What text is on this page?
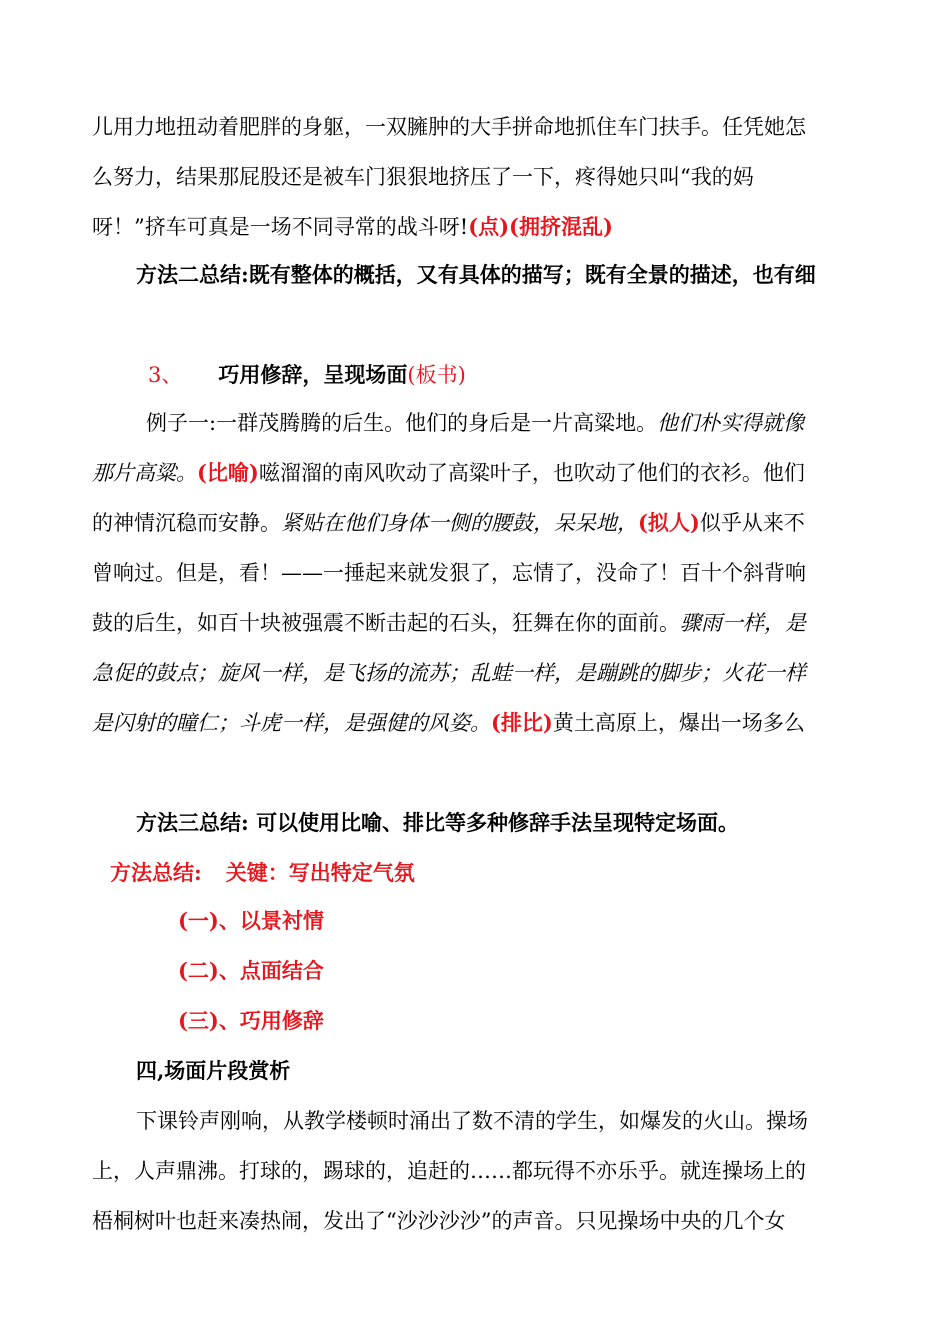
儿用力地扭动着肥胖的身躯，一双臃肿的大手拼命地抓住车门扶手。任凭她怎
么努力，结果那屁股还是被车门狠狠地挤压了一下，疼得她只叫“我的妈
呀！”挤车可真是一场不同寻常的战斗呀!(点)(拥挤混乱)
方法二总结:既有整体的概括，又有具体的描写；既有全景的描述，也有细

3、 巧用修辞，呈现场面(板书)
例子一:一群茂腾腾的后生。他们的身后是一片高粱地。他们朴实得就像
那片高粱。(比喻)嗞溜溜的南风吹动了高粱叶子，也吹动了他们的衣衫。他们
的神情沉稳而安静。紧贴在他们身体一侧的腰鼓，呆呆地，(拟人)似乎从来不
曾响过。但是，看！——一捶起来就发狠了，忘情了，没命了！百十个斜背响
鼓的后生，如百十块被强震不断击起的石头，狂舞在你的面前。骤雨一样，是
急促的鼓点；旋风一样，是飞扬的流苏；乱蛙一样，是蹦跳的脚步；火花一样
是闪射的瞳仁；斗虎一样，是强健的风姿。(排比)黄土高原上，爆出一场多么

方法三总结: 可以使用比喻、排比等多种修辞手法呈现特定场面。
方法总结: 关键：写出特定气氛
(一)、以景衬情
(二)、点面结合
(三)、巧用修辞
四,场面片段赏析
下课铃声刚响，从教学楼顿时涌出了数不清的学生，如爆发的火山。操场
上，人声鼎沸。打球的，踢球的，追赶的……都玩得不亦乐乎。就连操场上的
梧桐树叶也赶来凑热闹，发出了“沙沙沙沙”的声音。只见操场中央的几个女
